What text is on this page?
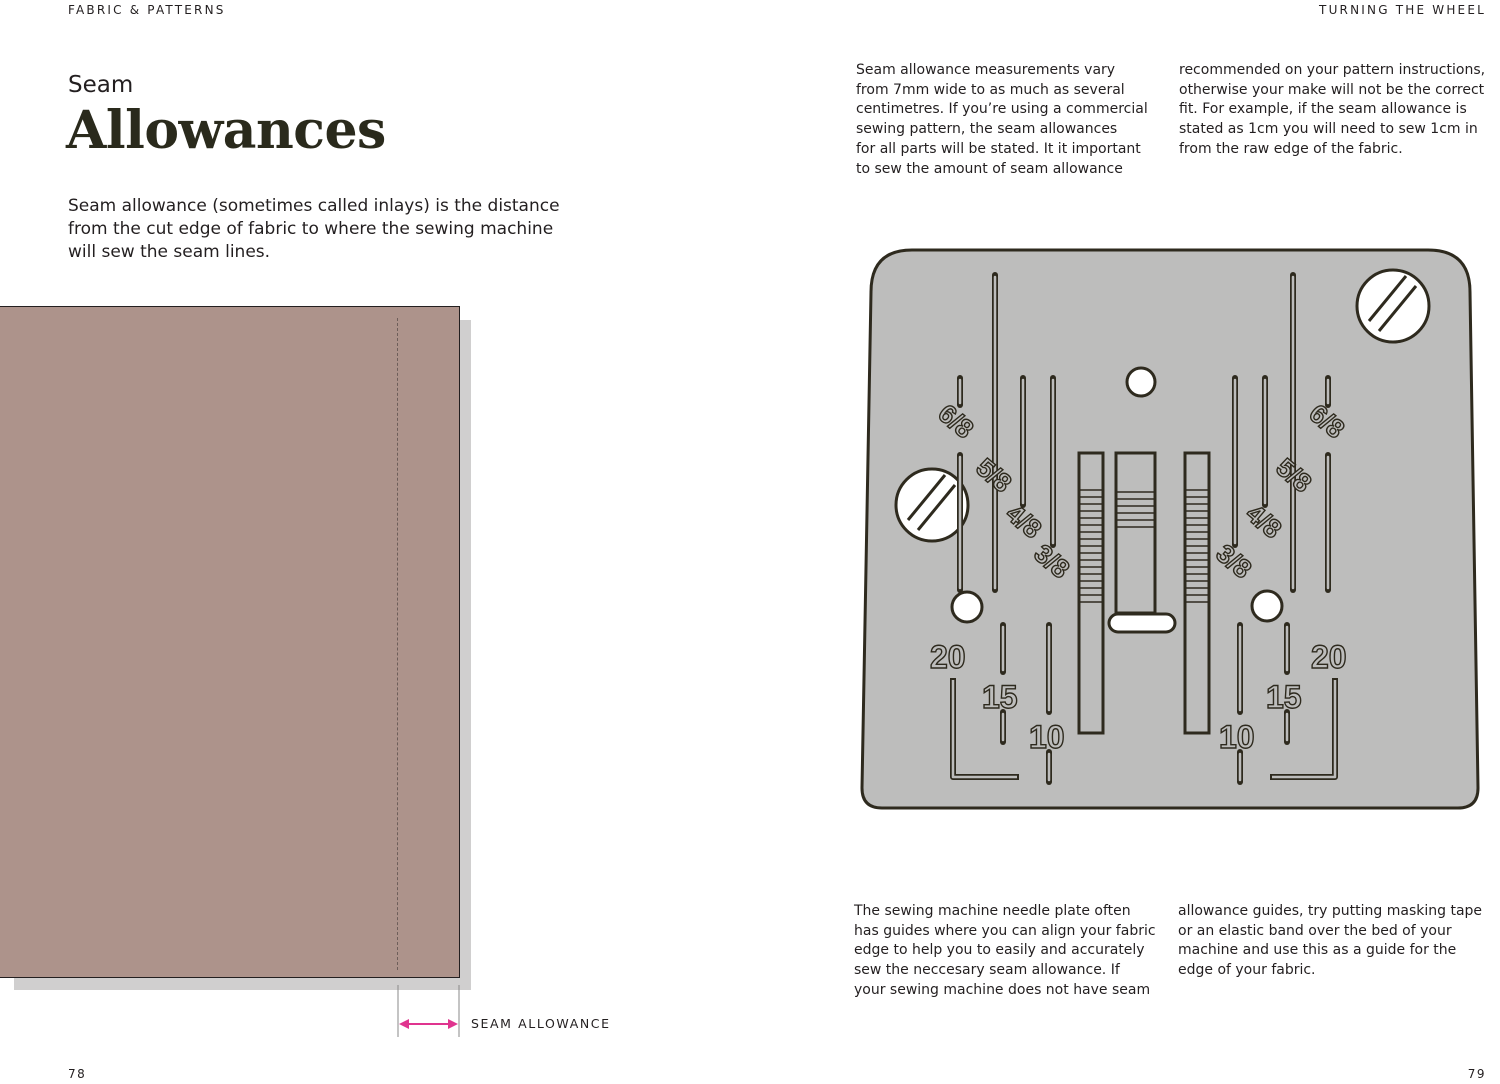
FABRIC & PATTERNS
Seam
Allowances
Seam allowance (sometimes called inlays) is the distance
from the cut edge of fabric to where the sewing machine
will sew the seam lines.
SEAM ALLOWANCE
78
TURNING THE WHEEL
Seam allowance measurements vary
from 7mm wide to as much as several
centimetres. If you’re using a commercial
sewing pattern, the seam allowances
for all parts will be stated. It it important
to sew the amount of seam allowance
recommended on your pattern instructions,
otherwise your make will not be the correct
fit. For example, if the seam allowance is
stated as 1cm you will need to sew 1cm in
from the raw edge of the fabric.
6/8
5/8
4/8
3/8
6/8
5/8
4/8
3/8
20
15
10
20
15
10
The sewing machine needle plate often
has guides where you can align your fabric
edge to help you to easily and accurately
sew the neccesary seam allowance. If
your sewing machine does not have seam
allowance guides, try putting masking tape
or an elastic band over the bed of your
machine and use this as a guide for the
edge of your fabric.
79
